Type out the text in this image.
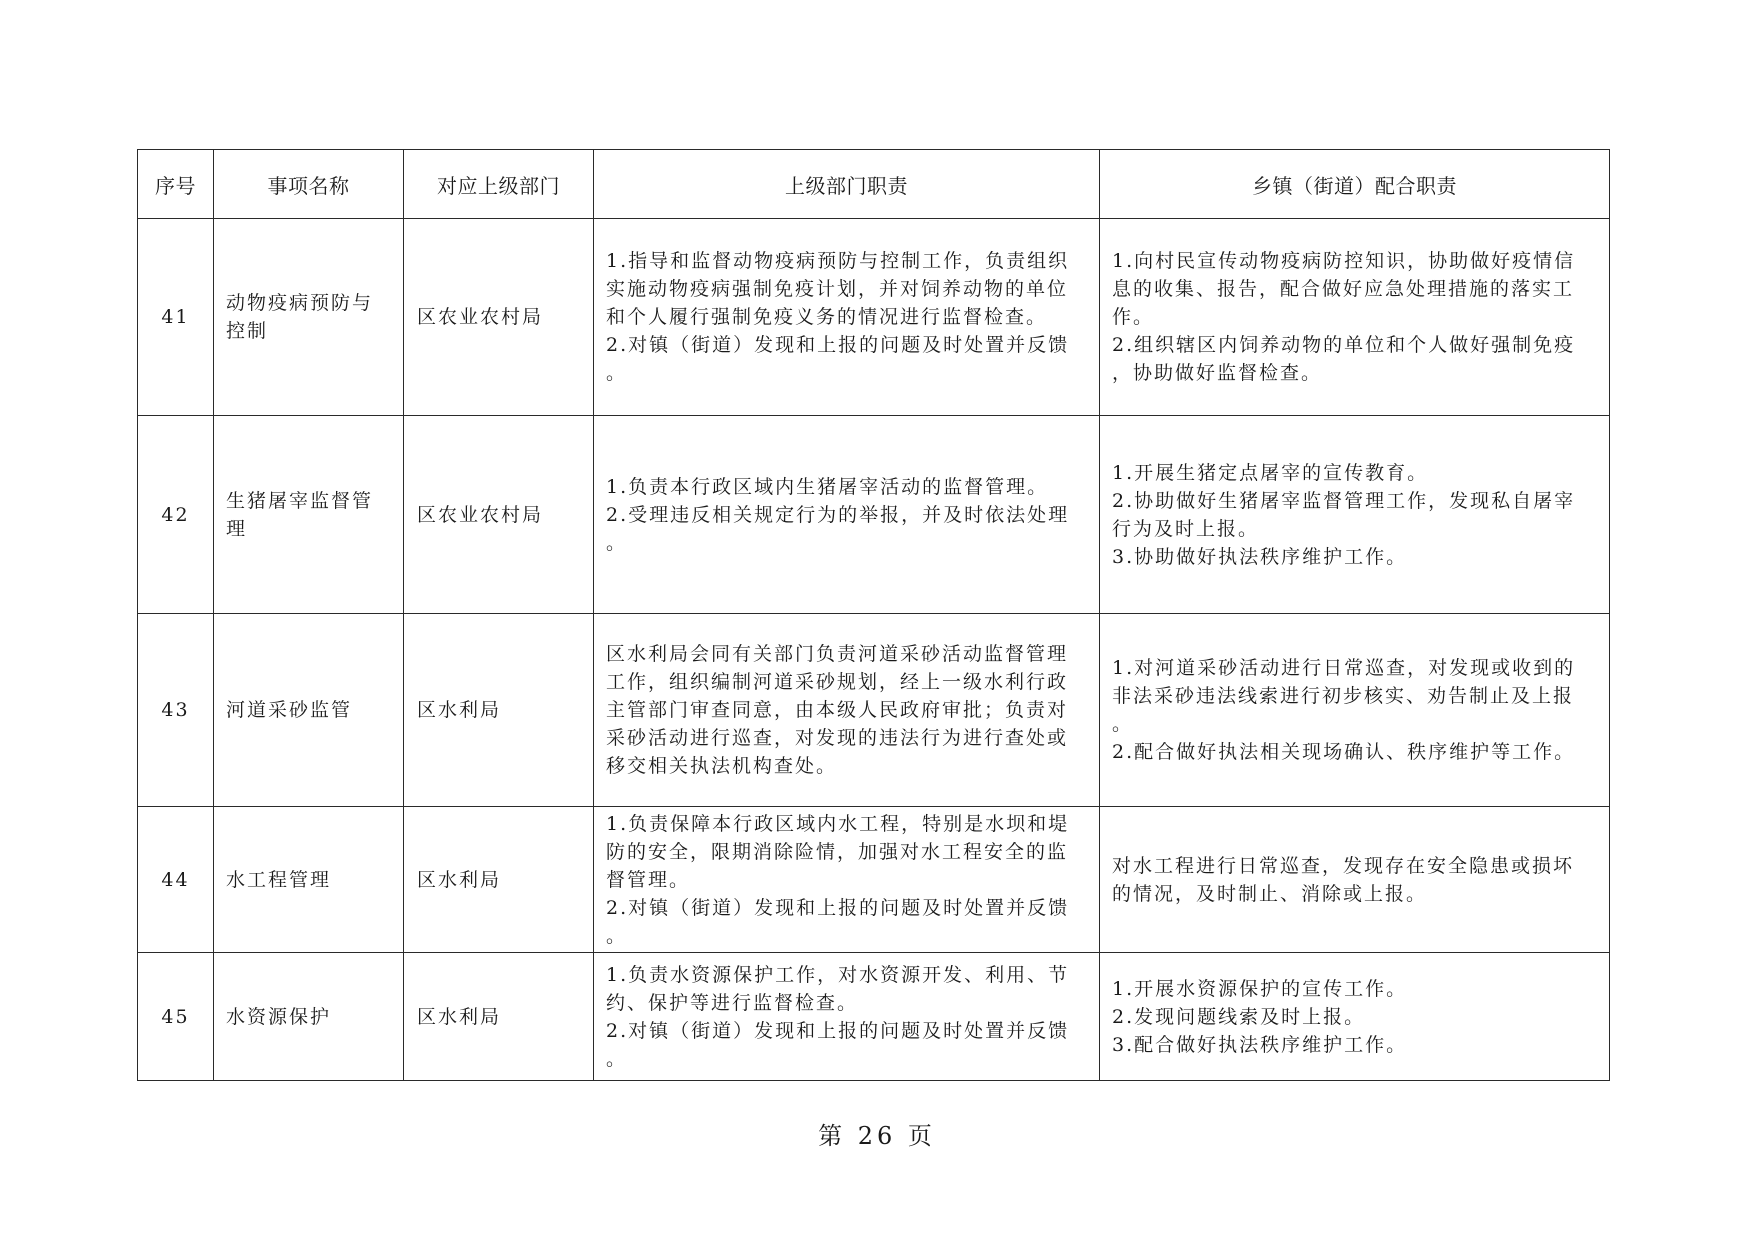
序号	事项名称	对应上级部门	上级部门职责	乡镇（街道）配合职责
41	动物疫病预防与
控制	区农业农村局	1.指导和监督动物疫病预防与控制工作，负责组织
实施动物疫病强制免疫计划，并对饲养动物的单位
和个人履行强制免疫义务的情况进行监督检查。
2.对镇（街道）发现和上报的问题及时处置并反馈
。	1.向村民宣传动物疫病防控知识，协助做好疫情信
息的收集、报告，配合做好应急处理措施的落实工
作。
2.组织辖区内饲养动物的单位和个人做好强制免疫
，协助做好监督检查。

42	生猪屠宰监督管
理	区农业农村局	1.负责本行政区域内生猪屠宰活动的监督管理。
2.受理违反相关规定行为的举报，并及时依法处理
。	1.开展生猪定点屠宰的宣传教育。
2.协助做好生猪屠宰监督管理工作，发现私自屠宰
行为及时上报。
3.协助做好执法秩序维护工作。

43	河道采砂监管	区水利局	区水利局会同有关部门负责河道采砂活动监督管理
工作，组织编制河道采砂规划，经上一级水利行政
主管部门审查同意，由本级人民政府审批；负责对
采砂活动进行巡查，对发现的违法行为进行查处或
移交相关执法机构查处。	1.对河道采砂活动进行日常巡查，对发现或收到的
非法采砂违法线索进行初步核实、劝告制止及上报
。
2.配合做好执法相关现场确认、秩序维护等工作。

44	水工程管理	区水利局	1.负责保障本行政区域内水工程，特别是水坝和堤
防的安全，限期消除险情，加强对水工程安全的监
督管理。
2.对镇（街道）发现和上报的问题及时处置并反馈
。	对水工程进行日常巡查，发现存在安全隐患或损坏
的情况，及时制止、消除或上报。

45	水资源保护	区水利局	1.负责水资源保护工作，对水资源开发、利用、节
约、保护等进行监督检查。
2.对镇（街道）发现和上报的问题及时处置并反馈
。	1.开展水资源保护的宣传工作。
2.发现问题线索及时上报。
3.配合做好执法秩序维护工作。
第 26 页
